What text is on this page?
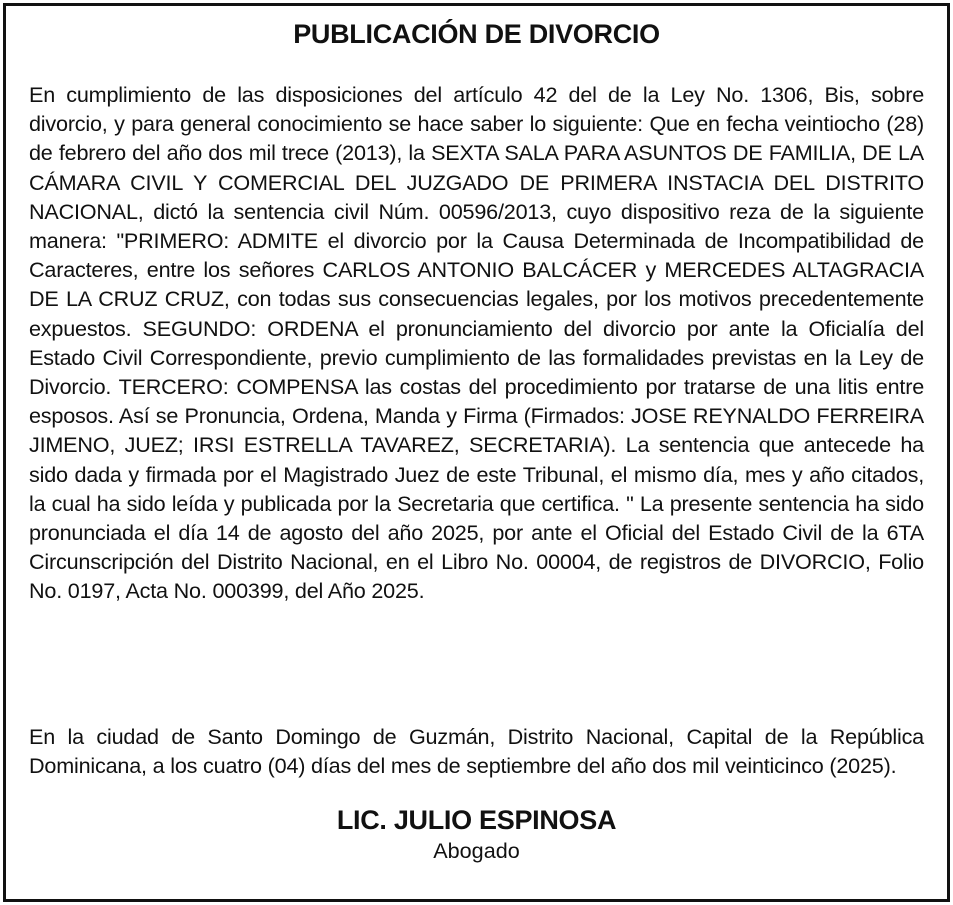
PUBLICACIÓN DE DIVORCIO

En cumplimiento de las disposiciones del artículo 42 del de la Ley No. 1306, Bis, sobre divorcio, y para general conocimiento se hace saber lo siguiente: Que en fecha veintiocho (28) de febrero del año dos mil trece (2013), la SEXTA SALA PARA ASUNTOS DE FAMILIA, DE LA CÁMARA CIVIL Y COMERCIAL DEL JUZGADO DE PRIMERA INSTACIA DEL DISTRITO NACIONAL, dictó la sentencia civil Núm. 00596/2013, cuyo dispositivo reza de la siguiente manera: "PRIMERO: ADMITE el divorcio por la Causa Determinada de Incompatibilidad de Caracteres, entre los señores CARLOS ANTONIO BALCÁCER y MERCEDES ALTAGRACIA DE LA CRUZ CRUZ, con todas sus consecuencias legales, por los motivos precedentemente expuestos. SEGUNDO: ORDENA el pronunciamiento del divorcio por ante la Oficialía del Estado Civil Correspondiente, previo cumplimiento de las formalidades previstas en la Ley de Divorcio. TERCERO: COMPENSA las costas del procedimiento por tratarse de una litis entre esposos. Así se Pronuncia, Ordena, Manda y Firma (Firmados: JOSE REYNALDO FERREIRA JIMENO, JUEZ; IRSI ESTRELLA TAVAREZ, SECRETARIA). La sentencia que antecede ha sido dada y firmada por el Magistrado Juez de este Tribunal, el mismo día, mes y año citados, la cual ha sido leída y publicada por la Secretaria que certifica. " La presente sentencia ha sido pronunciada el día 14 de agosto del año 2025, por ante el Oficial del Estado Civil de la 6TA Circunscripción del Distrito Nacional, en el Libro No. 00004, de registros de DIVORCIO, Folio No. 0197, Acta No. 000399, del Año 2025.

En la ciudad de Santo Domingo de Guzmán, Distrito Nacional, Capital de la República Dominicana, a los cuatro (04) días del mes de septiembre del año dos mil veinticinco (2025).

LIC. JULIO ESPINOSA
Abogado
